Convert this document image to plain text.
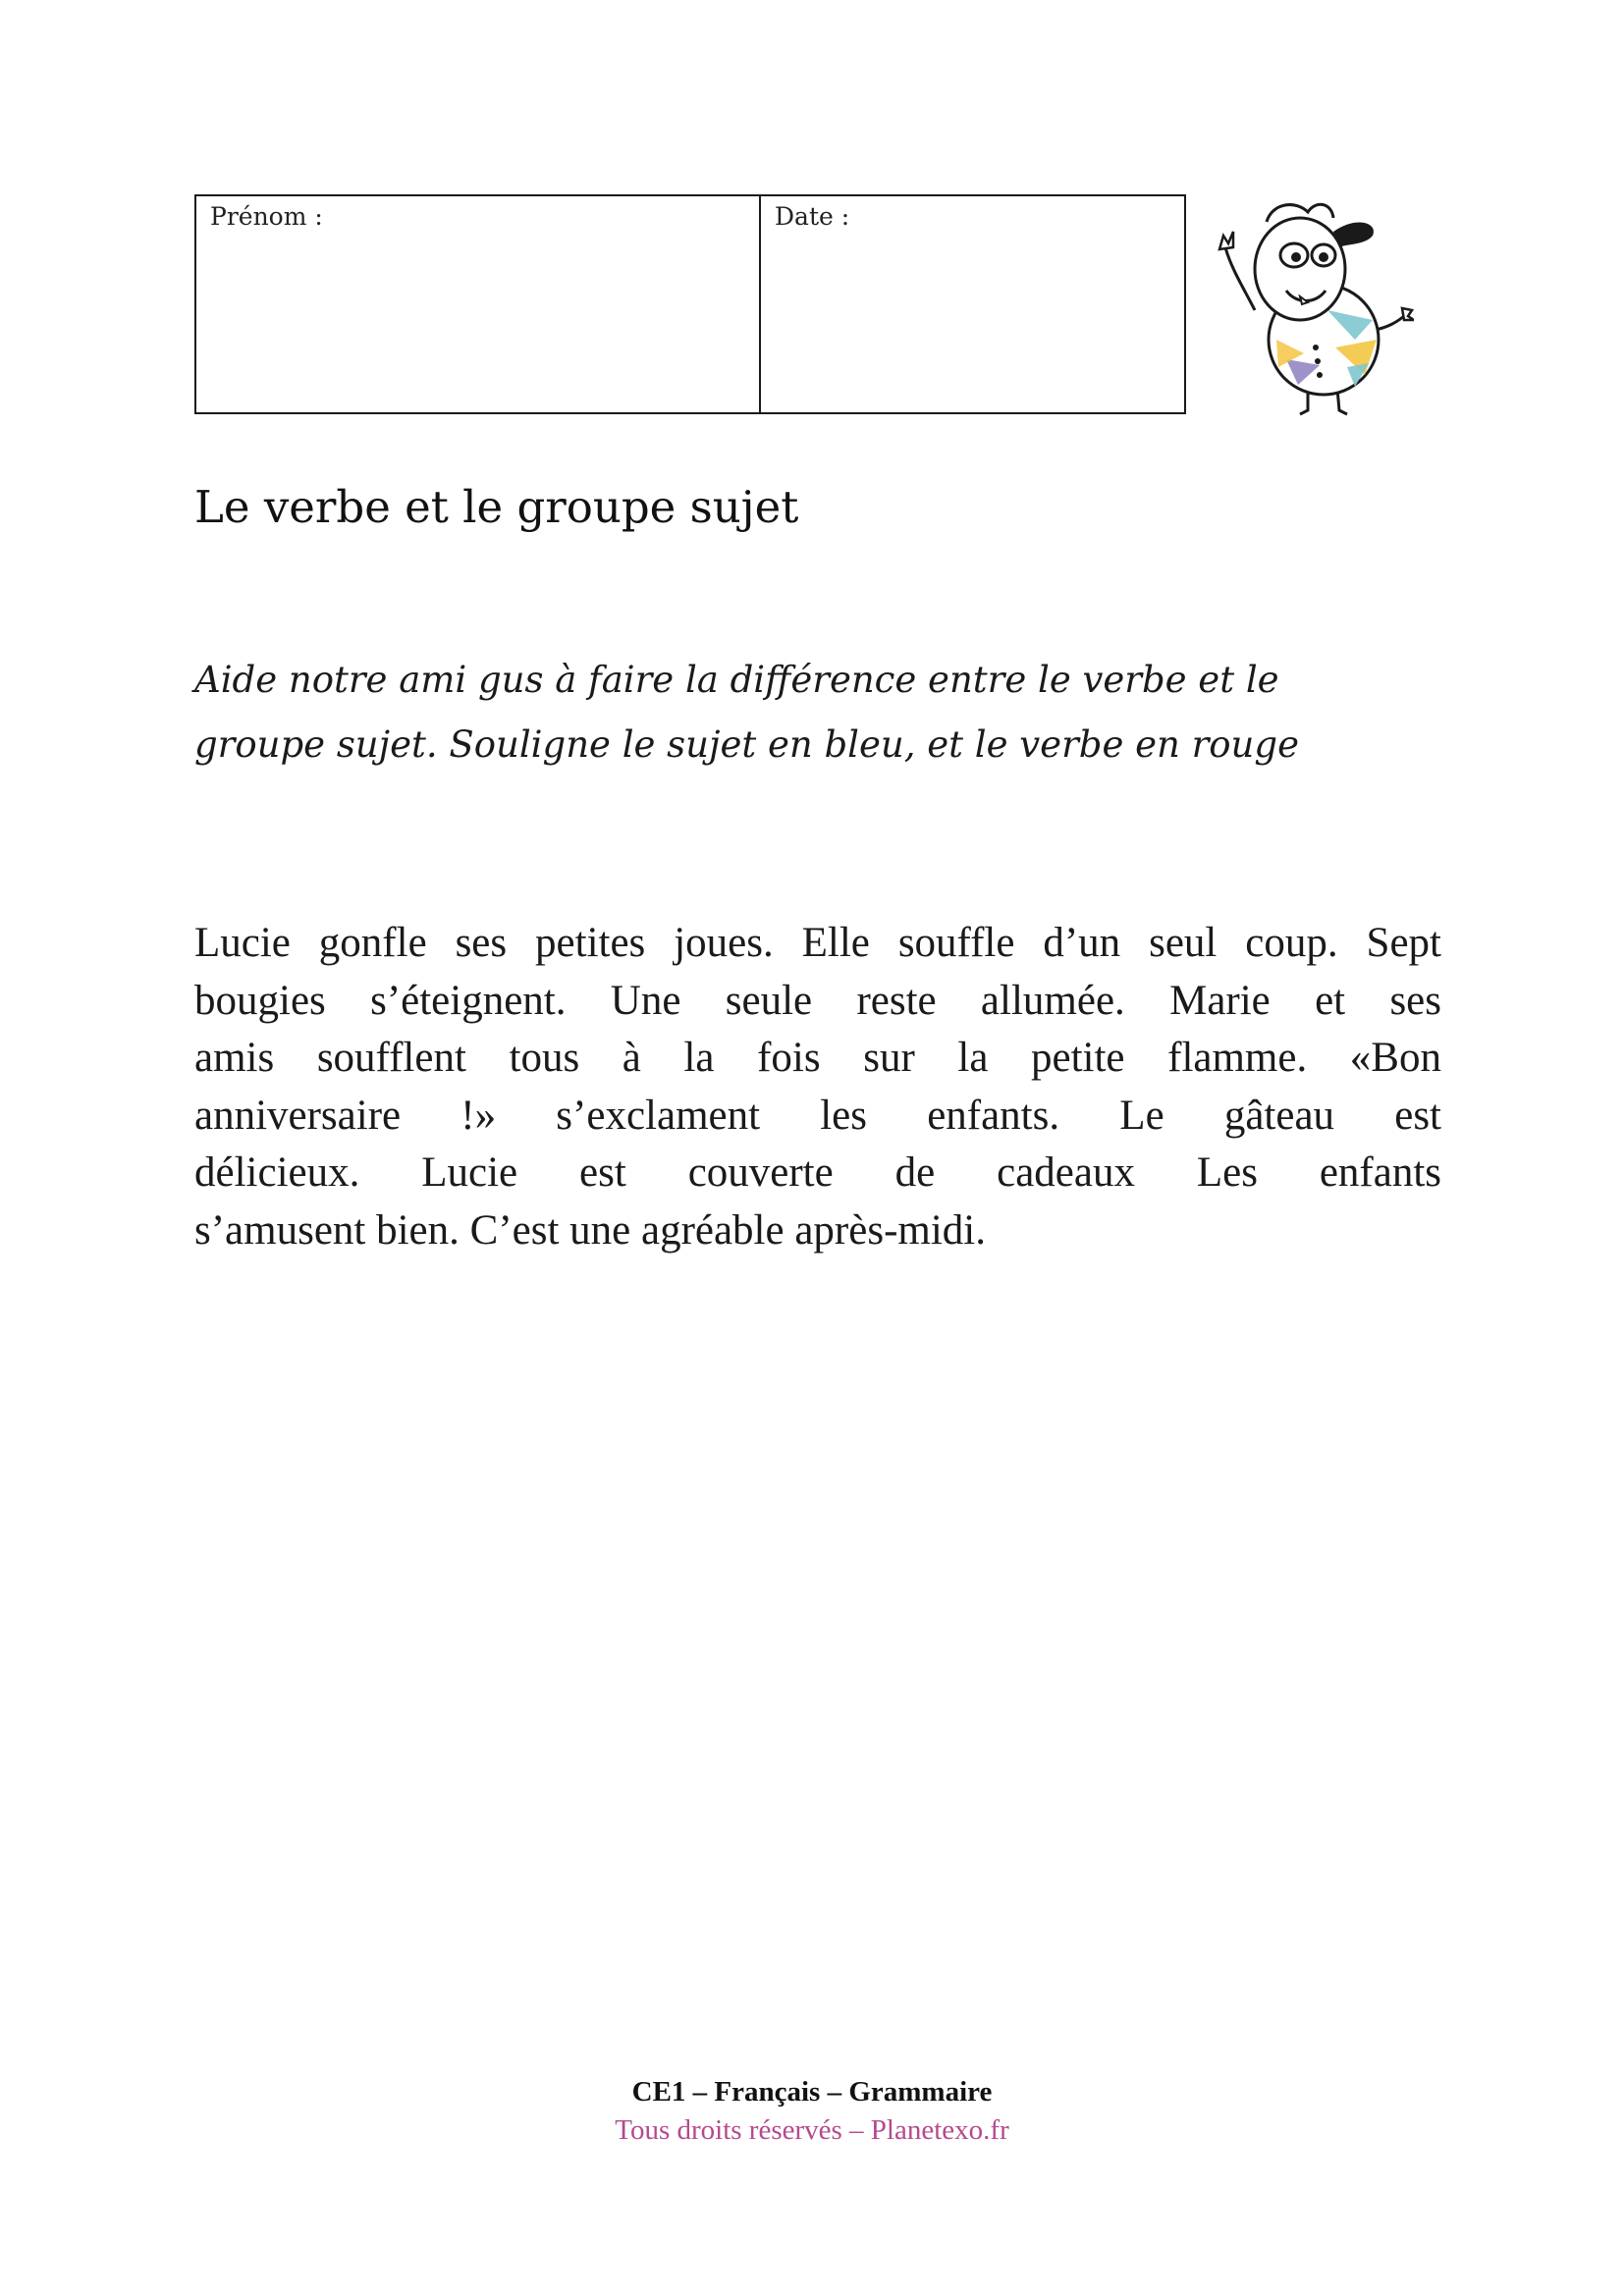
Prénom :	Date :
Le verbe et le groupe sujet
Aide notre ami gus à faire la différence entre le verbe et le
groupe sujet. Souligne le sujet en bleu, et le verbe en rouge
Lucie gonfle ses petites joues. Elle souffle d’un seul coup. Sept
bougies s’éteignent. Une seule reste allumée. Marie et ses
amis soufflent tous à la fois sur la petite flamme. «Bon
anniversaire !» s’exclament les enfants. Le gâteau est
délicieux. Lucie est couverte de cadeaux Les enfants
s’amusent bien. C’est une agréable après-midi.
CE1 – Français – Grammaire
Tous droits réservés – Planetexo.fr
